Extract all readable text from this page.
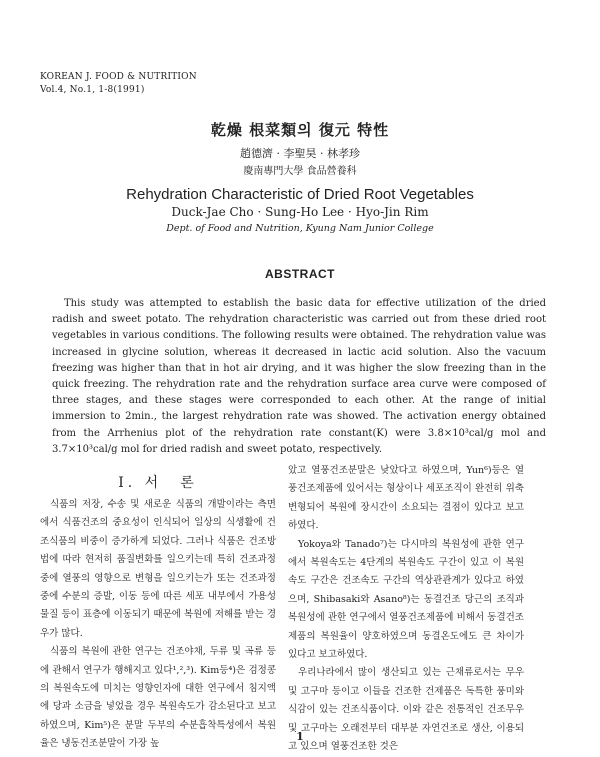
KOREAN J. FOOD & NUTRITION
Vol.4, No.1, 1-8(1991)
乾燥 根菜類의 復元 特性
趙德濟 · 李聖昊 · 林孝珍
慶南專門大學 食品營養科
Rehydration Characteristic of Dried Root Vegetables
Duck-Jae Cho · Sung-Ho Lee · Hyo-Jin Rim
Dept. of Food and Nutrition, Kyung Nam Junior College
ABSTRACT

This study was attempted to establish the basic data for effective utilization of the dried radish and sweet potato. The rehydration characteristic was carried out from these dried root vegetables in various conditions. The following results were obtained. The rehydration value was increased in glycine solution, whereas it decreased in lactic acid solution. Also the vacuum freezing was higher than that in hot air drying, and it was higher the slow freezing than in the quick freezing. The rehydration rate and the rehydration surface area curve were composed of three stages, and these stages were corresponded to each other. At the range of initial immersion to 2min., the largest rehydration rate was showed. The activation energy obtained from the Arrhenius plot of the rehydration rate constant(K) were 3.8×10³cal/g mol and 3.7×10³cal/g mol for dried radish and sweet potato, respectively.

Ⅰ. 서　론

식품의 저장, 수송 및 새로운 식품의 개발이라는 측면에서 식품건조의 중요성이 인식되어 일상의 식생활에 건조식품의 비중이 증가하게 되었다. 그러나 식품은 건조방법에 따라 현저히 품질변화를 일으키는데 특히 건조과정중에 열풍의 영향으로 변형을 일으키는가 또는 건조과정중에 수분의 증발, 이동 등에 따른 세포 내부에서 가용성 물질 등이 표층에 이동되기 때문에 복원에 저해를 받는 경우가 많다.

식품의 복원에 관한 연구는 건조야채, 두류 및 곡류 등에 관해서 연구가 행해지고 있다¹,²,³). Kim등⁴)은 검정콩의 복원속도에 미치는 영향인자에 대한 연구에서 침지액에 당과 소금을 넣었을 경우 복원속도가 감소된다고 보고하였으며, Kim⁵)은 분말 두부의 수분흡착특성에서 복원율은 냉동건조분말이 가장 높

았고 열풍건조분말은 낮았다고 하였으며, Yun⁶)등은 열풍건조제품에 있어서는 형상이나 세포조직이 완전히 위축변형되어 복원에 장시간이 소요되는 결점이 있다고 보고하였다.

Yokoya와 Tanado⁷)는 다시마의 복원성에 관한 연구에서 복원속도는 4단계의 복원속도 구간이 있고 이 복원속도 구간은 건조속도 구간의 역상관관계가 있다고 하였으며, Shibasaki와 Asano⁸)는 동결건조 당근의 조직과 복원성에 관한 연구에서 열풍건조제품에 비해서 동결건조제품의 복원율이 양호하였으며 동결온도에도 큰 차이가 있다고 보고하였다.

우리나라에서 많이 생산되고 있는 근채류로서는 무우 및 고구마 등이고 이들을 건조한 건제품은 독특한 풍미와 식감이 있는 건조식품이다. 이와 같은 전통적인 건조무우 및 고구마는 오래전부터 대부분 자연건조로 생산, 이용되고 있으며 열풍건조한 것은

1
